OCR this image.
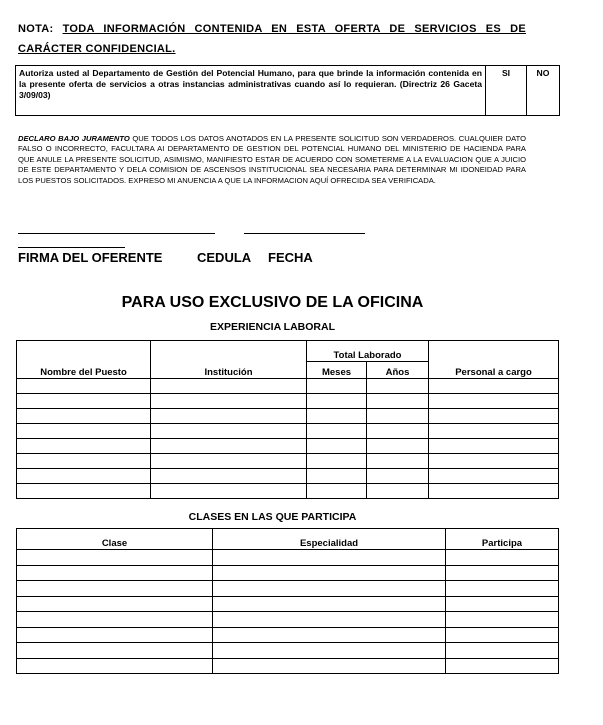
NOTA: TODA INFORMACIÓN CONTENIDA EN ESTA OFERTA DE SERVICIOS ES DE CARÁCTER CONFIDENCIAL.
Autoriza usted al Departamento de Gestión del Potencial Humano, para que brinde la información contenida en la presente oferta de servicios a otras instancias administrativas cuando así lo requieran. (Directriz 26 Gaceta 3/09/03)	SI	NO
DECLARO BAJO JURAMENTO QUE TODOS LOS DATOS ANOTADOS EN LA PRESENTE SOLICITUD SON VERDADEROS. CUALQUIER DATO FALSO O INCORRECTO, FACULTARA AI DEPARTAMENTO DE GESTION DEL POTENCIAL HUMANO DEL MINISTERIO DE HACIENDA PARA QUE ANULE LA PRESENTE SOLICITUD, ASIMISMO, MANIFIESTO ESTAR DE ACUERDO CON SOMETERME A LA EVALUACION QUE A JUICIO DE ESTE DEPARTAMENTO Y DELA COMISION DE ASCENSOS INSTITUCIONAL SEA NECESARIA PARA DETERMINAR MI IDONEIDAD PARA LOS PUESTOS SOLICITADOS. EXPRESO MI ANUENCIA A QUE LA INFORMACION AQUÍ OFRECIDA SEA VERIFICADA.
FIRMA DEL OFERENTE	CEDULA FECHA
PARA USO EXCLUSIVO DE LA OFICINA
EXPERIENCIA LABORAL
Nombre del Puesto	Institución	Total Laborado		Personal a cargo
		Meses	Años	

CLASES EN LAS QUE PARTICIPA
Clase	Especialidad	Participa
